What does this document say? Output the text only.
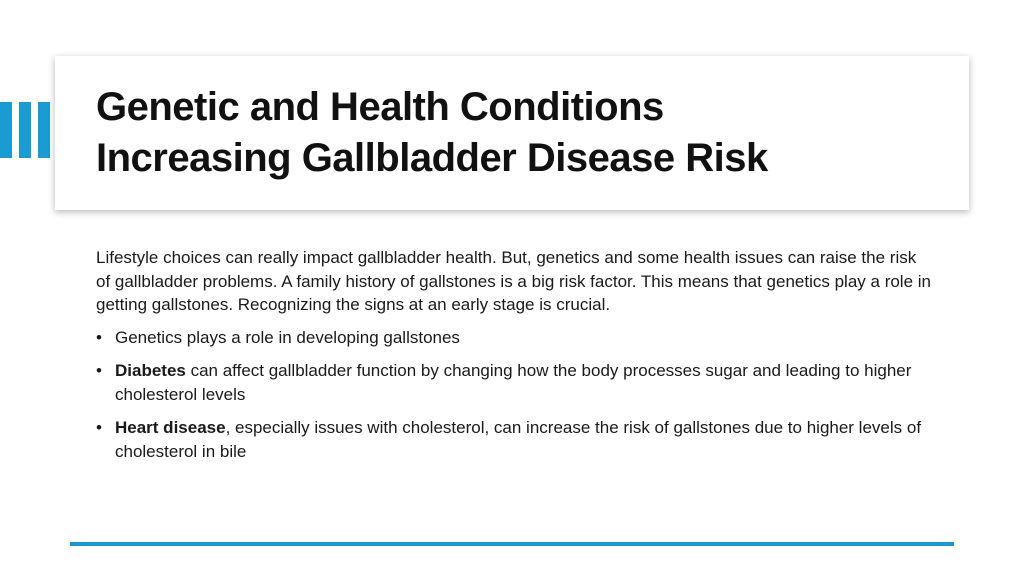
Genetic and Health Conditions
Increasing Gallbladder Disease Risk

Lifestyle choices can really impact gallbladder health. But, genetics and some health issues can raise the risk of gallbladder problems. A family history of gallstones is a big risk factor. This means that genetics play a role in getting gallstones. Recognizing the signs at an early stage is crucial.

• Genetics plays a role in developing gallstones
• Diabetes can affect gallbladder function by changing how the body processes sugar and leading to higher cholesterol levels
• Heart disease, especially issues with cholesterol, can increase the risk of gallstones due to higher levels of cholesterol in bile
